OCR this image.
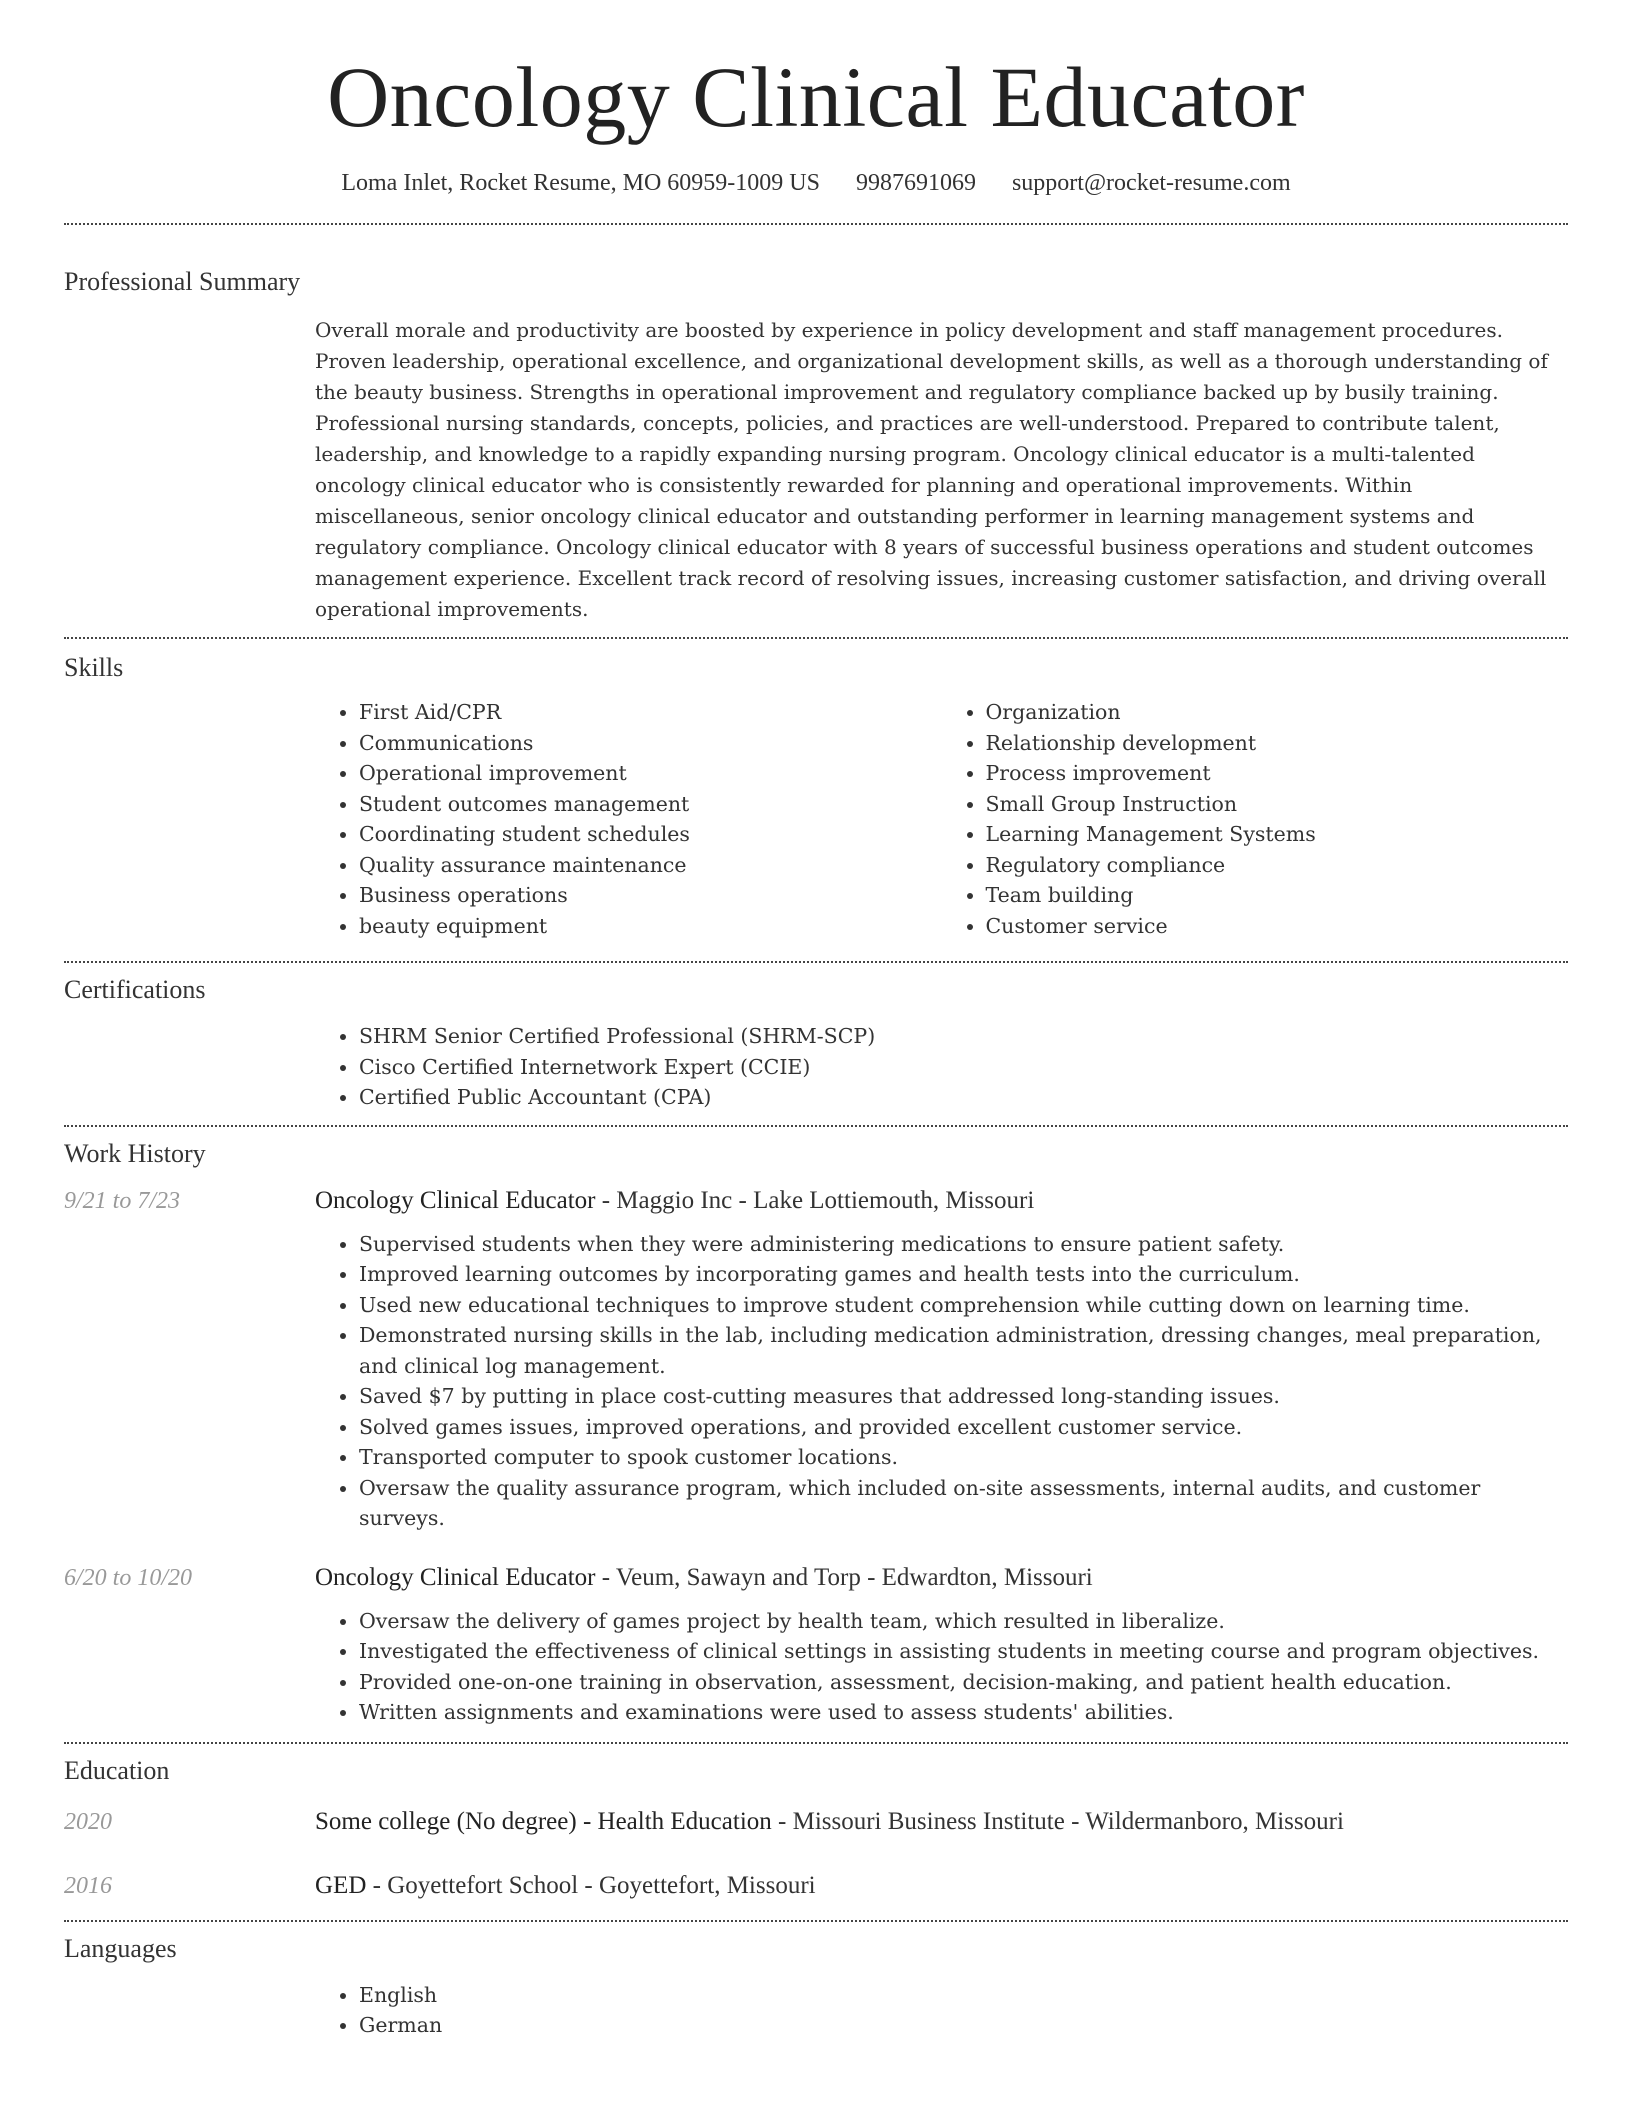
Oncology Clinical Educator
Loma Inlet, Rocket Resume, MO 60959-1009 US 9987691069 support@rocket-resume.com
Professional Summary

Overall morale and productivity are boosted by experience in policy development and staff management procedures. Proven leadership, operational excellence, and organizational development skills, as well as a thorough understanding of the beauty business. Strengths in operational improvement and regulatory compliance backed up by busily training. Professional nursing standards, concepts, policies, and practices are well-understood. Prepared to contribute talent, leadership, and knowledge to a rapidly expanding nursing program. Oncology clinical educator is a multi-talented oncology clinical educator who is consistently rewarded for planning and operational improvements. Within miscellaneous, senior oncology clinical educator and outstanding performer in learning management systems and regulatory compliance. Oncology clinical educator with 8 years of successful business operations and student outcomes management experience. Excellent track record of resolving issues, increasing customer satisfaction, and driving overall operational improvements.

Skills
• First Aid/CPR
• Communications
• Operational improvement
• Student outcomes management
• Coordinating student schedules
• Quality assurance maintenance
• Business operations
• beauty equipment
• Organization
• Relationship development
• Process improvement
• Small Group Instruction
• Learning Management Systems
• Regulatory compliance
• Team building
• Customer service
Certifications
• SHRM Senior Certified Professional (SHRM-SCP)
• Cisco Certified Internetwork Expert (CCIE)
• Certified Public Accountant (CPA)
Work History
9/21 to 7/23	Oncology Clinical Educator - Maggio Inc - Lake Lottiemouth, Missouri
• Supervised students when they were administering medications to ensure patient safety.
• Improved learning outcomes by incorporating games and health tests into the curriculum.
• Used new educational techniques to improve student comprehension while cutting down on learning time.
• Demonstrated nursing skills in the lab, including medication administration, dressing changes, meal preparation, and clinical log management.
• Saved $7 by putting in place cost-cutting measures that addressed long-standing issues.
• Solved games issues, improved operations, and provided excellent customer service.
• Transported computer to spook customer locations.
• Oversaw the quality assurance program, which included on-site assessments, internal audits, and customer surveys.
6/20 to 10/20	Oncology Clinical Educator - Veum, Sawayn and Torp - Edwardton, Missouri
• Oversaw the delivery of games project by health team, which resulted in liberalize.
• Investigated the effectiveness of clinical settings in assisting students in meeting course and program objectives.
• Provided one-on-one training in observation, assessment, decision-making, and patient health education.
• Written assignments and examinations were used to assess students' abilities.
Education
2020	Some college (No degree) - Health Education - Missouri Business Institute - Wildermanboro, Missouri
2016	GED - Goyettefort School - Goyettefort, Missouri
Languages
• English
• German
